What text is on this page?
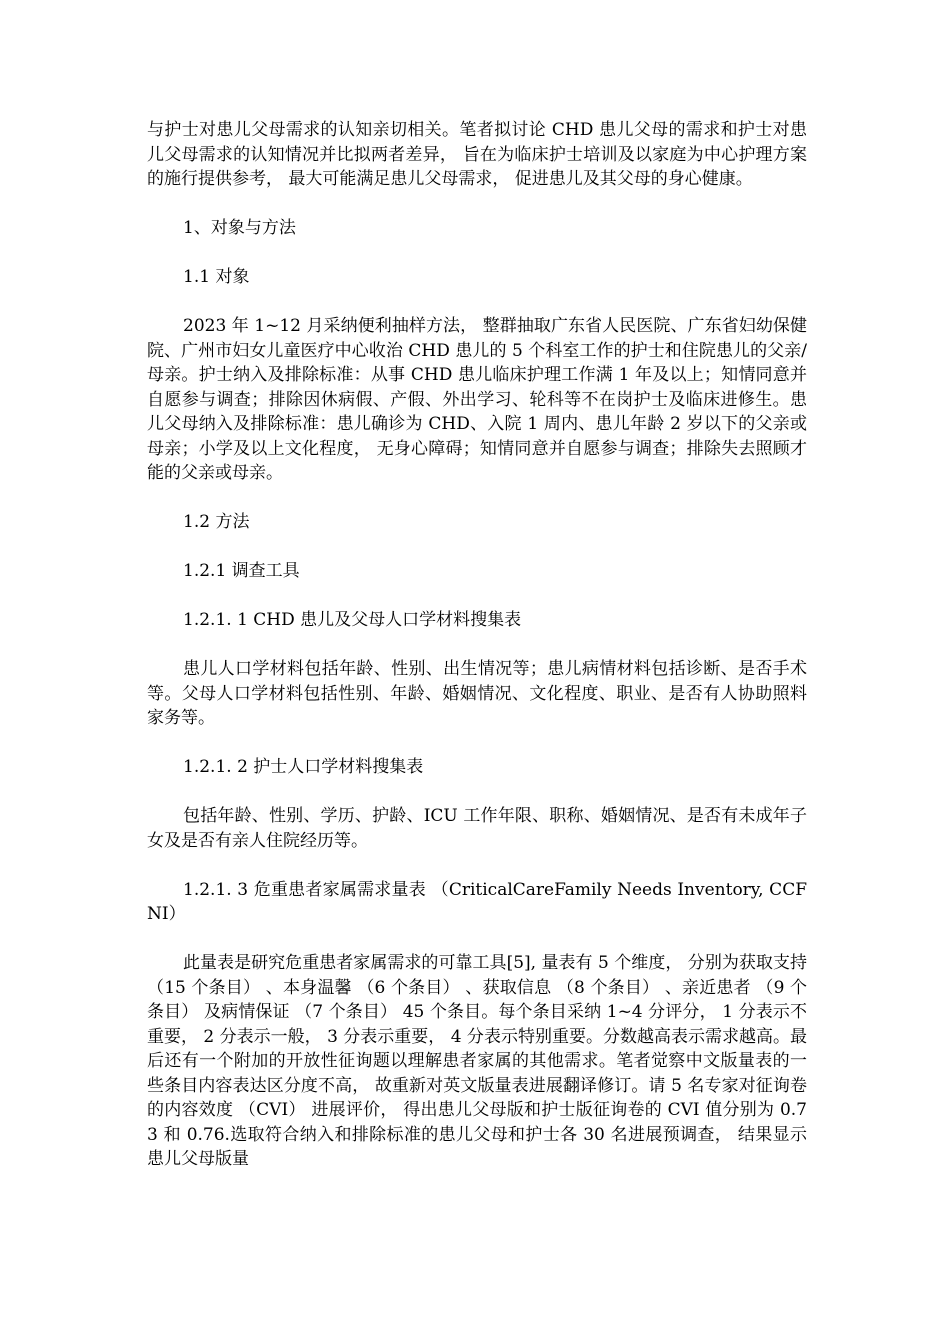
与护士对患儿父母需求的认知亲切相关。笔者拟讨论 CHD 患儿父母的需求和护士对患儿父母需求的认知情况并比拟两者差异， 旨在为临床护士培训及以家庭为中心护理方案的施行提供参考， 最大可能满足患儿父母需求， 促进患儿及其父母的身心健康。

1、对象与方法

1.1 对象

2023 年 1~12 月采纳便利抽样方法， 整群抽取广东省人民医院、广东省妇幼保健院、广州市妇女儿童医疗中心收治 CHD 患儿的 5 个科室工作的护士和住院患儿的父亲/母亲。护士纳入及排除标准：从事 CHD 患儿临床护理工作满 1 年及以上；知情同意并自愿参与调查；排除因休病假、产假、外出学习、轮科等不在岗护士及临床进修生。患儿父母纳入及排除标准：患儿确诊为 CHD、入院 1 周内、患儿年龄 2 岁以下的父亲或母亲；小学及以上文化程度， 无身心障碍；知情同意并自愿参与调查；排除失去照顾才能的父亲或母亲。

1.2 方法

1.2.1 调查工具

1.2.1. 1 CHD 患儿及父母人口学材料搜集表

患儿人口学材料包括年龄、性别、出生情况等；患儿病情材料包括诊断、是否手术等。父母人口学材料包括性别、年龄、婚姻情况、文化程度、职业、是否有人协助照料家务等。

1.2.1. 2 护士人口学材料搜集表

包括年龄、性别、学历、护龄、ICU 工作年限、职称、婚姻情况、是否有未成年子女及是否有亲人住院经历等。

1.2.1. 3 危重患者家属需求量表 （CriticalCareFamily Needs Inventory, CCFNI）

此量表是研究危重患者家属需求的可靠工具[5], 量表有 5 个维度， 分别为获取支持 （15 个条目） 、本身温馨 （6 个条目） 、获取信息 （8 个条目） 、亲近患者 （9 个条目） 及病情保证 （7 个条目） 45 个条目。每个条目采纳 1~4 分评分， 1 分表示不重要， 2 分表示一般， 3 分表示重要， 4 分表示特别重要。分数越高表示需求越高。最后还有一个附加的开放性征询题以理解患者家属的其他需求。笔者觉察中文版量表的一些条目内容表达区分度不高， 故重新对英文版量表进展翻译修订。请 5 名专家对征询卷的内容效度 （CVI） 进展评价， 得出患儿父母版和护士版征询卷的 CVI 值分别为 0.73 和 0.76.选取符合纳入和排除标准的患儿父母和护士各 30 名进展预调查， 结果显示患儿父母版量
